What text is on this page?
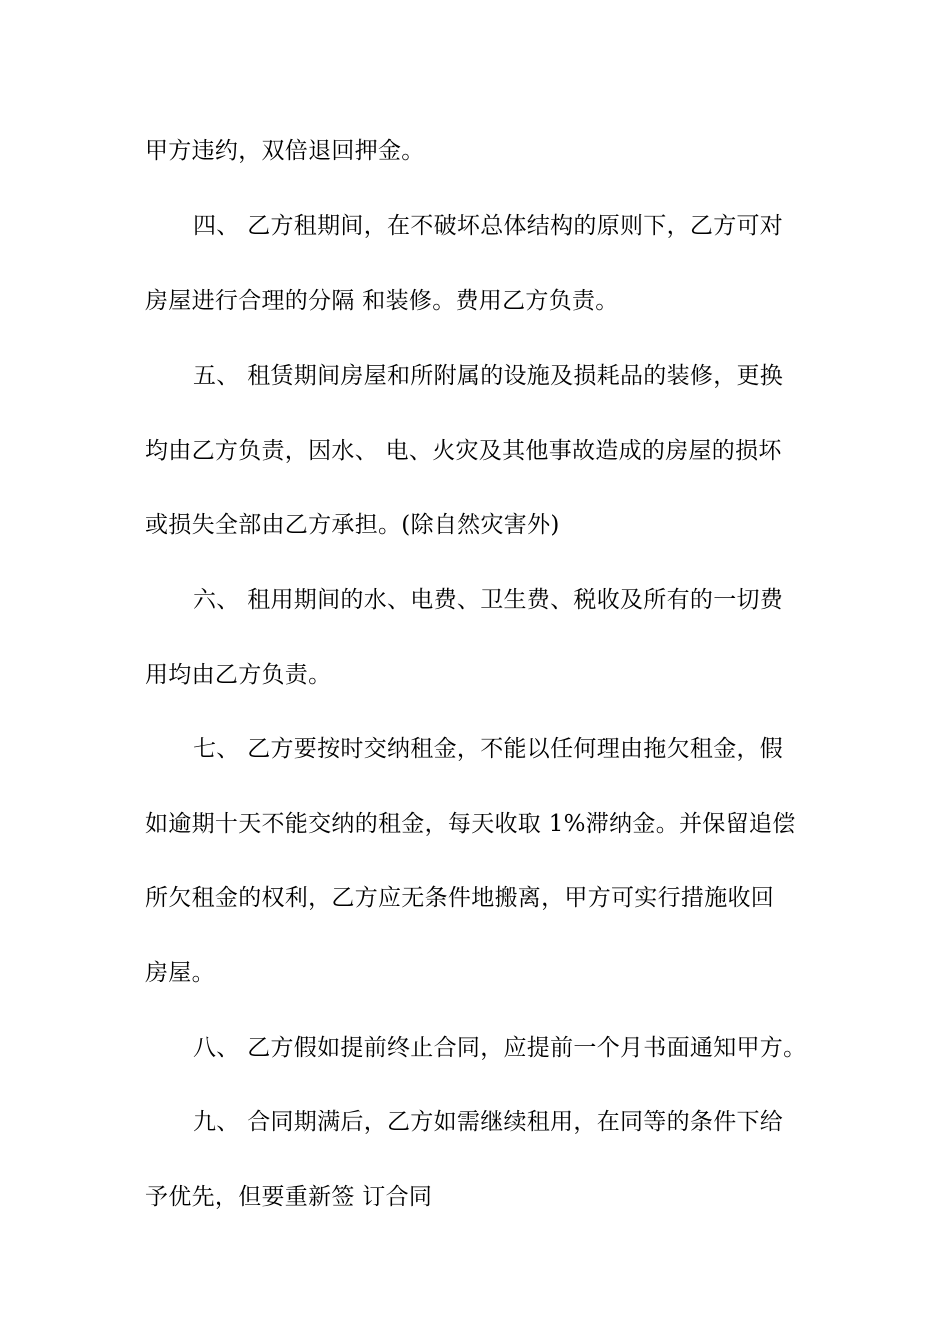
甲方违约，双倍退回押金。
四、 乙方租期间，在不破坏总体结构的原则下，乙方可对
房屋进行合理的分隔 和装修。费用乙方负责。
五、 租赁期间房屋和所附属的设施及损耗品的装修，更换
均由乙方负责，因水、 电、火灾及其他事故造成的房屋的损坏
或损失全部由乙方承担。(除自然灾害外)
六、 租用期间的水、电费、卫生费、税收及所有的一切费
用均由乙方负责。
七、 乙方要按时交纳租金，不能以任何理由拖欠租金，假
如逾期十天不能交纳的租金，每天收取 1%滞纳金。并保留追偿
所欠租金的权利，乙方应无条件地搬离，甲方可实行措施收回
房屋。
八、 乙方假如提前终止合同，应提前一个月书面通知甲方。
九、 合同期满后，乙方如需继续租用，在同等的条件下给
予优先，但要重新签 订合同
